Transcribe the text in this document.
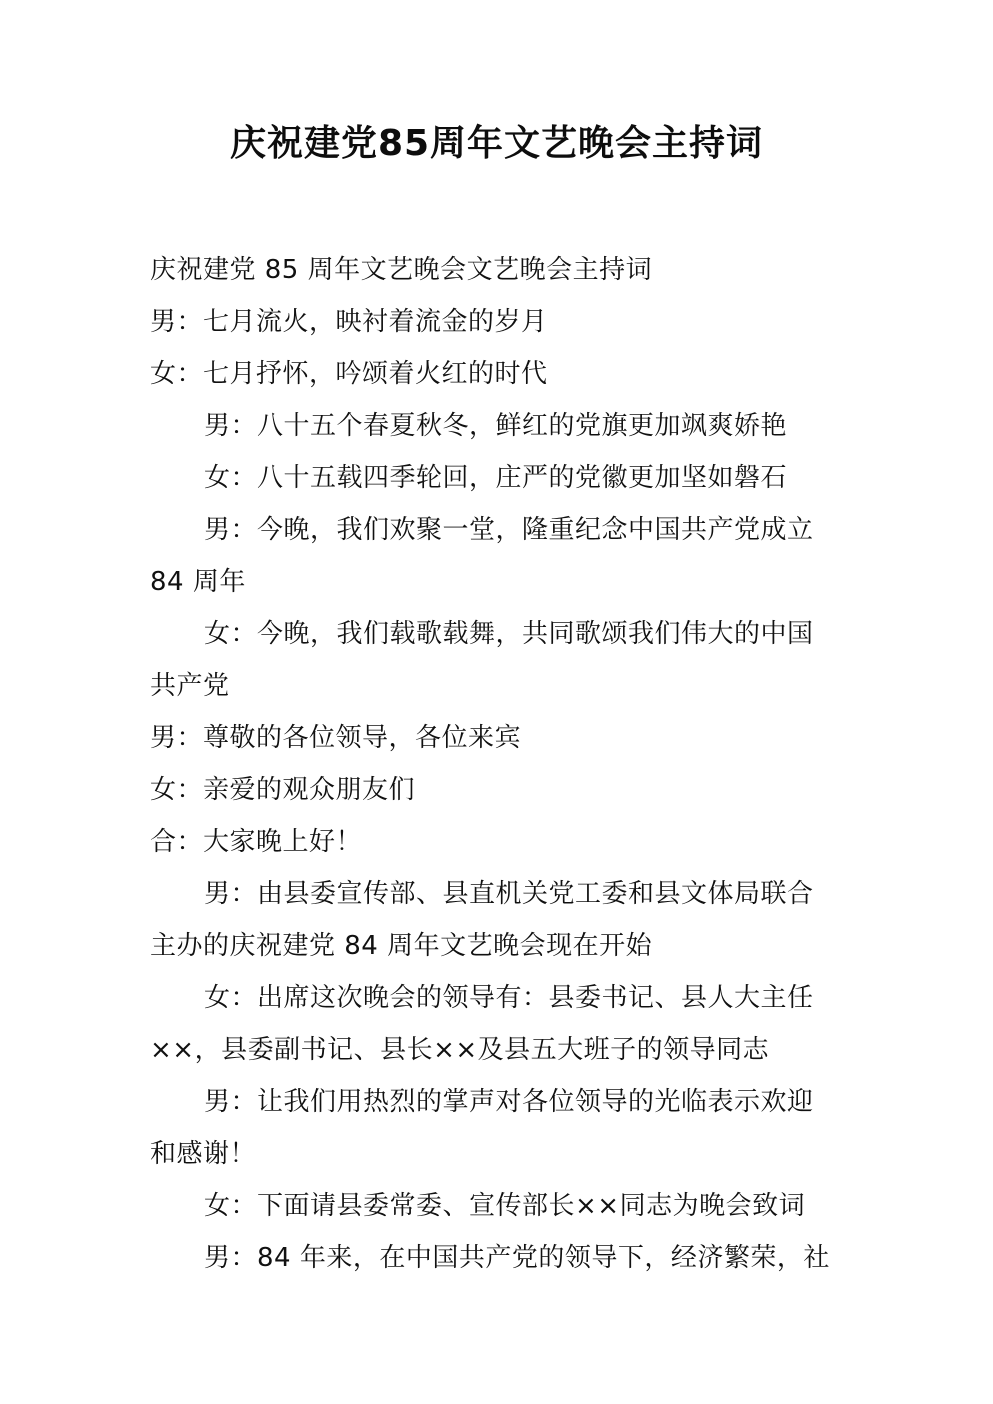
庆祝建党85周年文艺晚会主持词
庆祝建党 85 周年文艺晚会文艺晚会主持词
男：七月流火，映衬着流金的岁月
女：七月抒怀，吟颂着火红的时代
男：八十五个春夏秋冬，鲜红的党旗更加飒爽娇艳
女：八十五载四季轮回，庄严的党徽更加坚如磐石
男：今晚，我们欢聚一堂，隆重纪念中国共产党成立
84 周年
女：今晚，我们载歌载舞，共同歌颂我们伟大的中国
共产党
男：尊敬的各位领导，各位来宾
女：亲爱的观众朋友们
合：大家晚上好！
男：由县委宣传部、县直机关党工委和县文体局联合
主办的庆祝建党 84 周年文艺晚会现在开始
女：出席这次晚会的领导有：县委书记、县人大主任
××，县委副书记、县长××及县五大班子的领导同志
男：让我们用热烈的掌声对各位领导的光临表示欢迎
和感谢！
女：下面请县委常委、宣传部长××同志为晚会致词
男：84 年来，在中国共产党的领导下，经济繁荣，社
